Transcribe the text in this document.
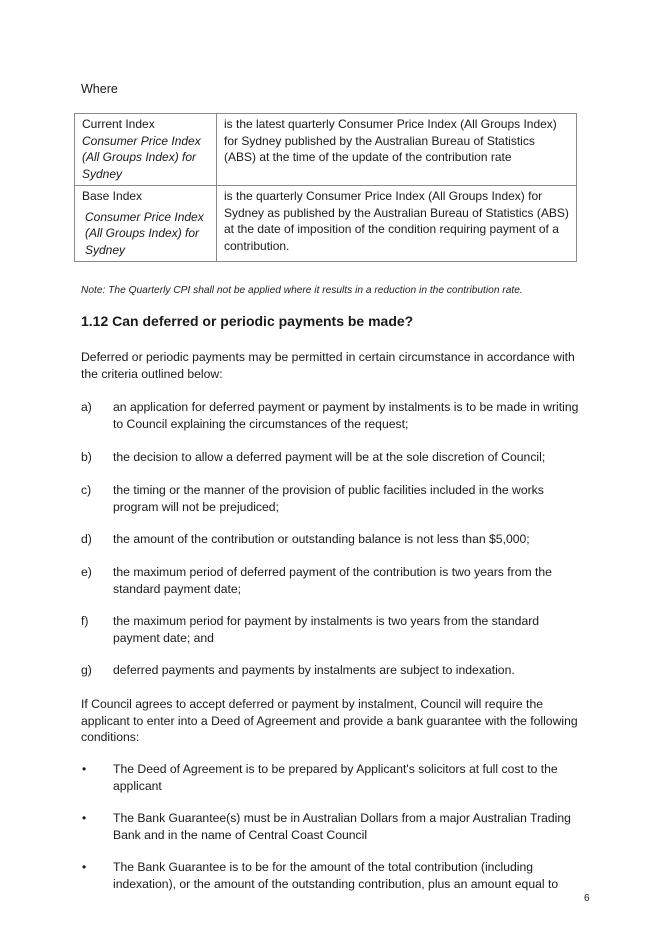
Where
Current Index
Consumer Price Index (All Groups Index) for Sydney	is the latest quarterly Consumer Price Index (All Groups Index) for Sydney published by the Australian Bureau of Statistics (ABS) at the time of the update of the contribution rate

Base Index
Consumer Price Index (All Groups Index) for Sydney	is the quarterly Consumer Price Index (All Groups Index) for Sydney as published by the Australian Bureau of Statistics (ABS) at the date of imposition of the condition requiring payment of a contribution.
Note: The Quarterly CPI shall not be applied where it results in a reduction in the contribution rate.
1.12 Can deferred or periodic payments be made?

Deferred or periodic payments may be permitted in certain circumstance in accordance with the criteria outlined below:

a) an application for deferred payment or payment by instalments is to be made in writing to Council explaining the circumstances of the request;
b) the decision to allow a deferred payment will be at the sole discretion of Council;
c) the timing or the manner of the provision of public facilities included in the works program will not be prejudiced;
d) the amount of the contribution or outstanding balance is not less than $5,000;
e) the maximum period of deferred payment of the contribution is two years from the standard payment date;
f) the maximum period for payment by instalments is two years from the standard payment date; and
g) deferred payments and payments by instalments are subject to indexation.

If Council agrees to accept deferred or payment by instalment, Council will require the applicant to enter into a Deed of Agreement and provide a bank guarantee with the following conditions:

• The Deed of Agreement is to be prepared by Applicant's solicitors at full cost to the applicant
• The Bank Guarantee(s) must be in Australian Dollars from a major Australian Trading Bank and in the name of Central Coast Council
• The Bank Guarantee is to be for the amount of the total contribution (including indexation), or the amount of the outstanding contribution, plus an amount equal to
6
